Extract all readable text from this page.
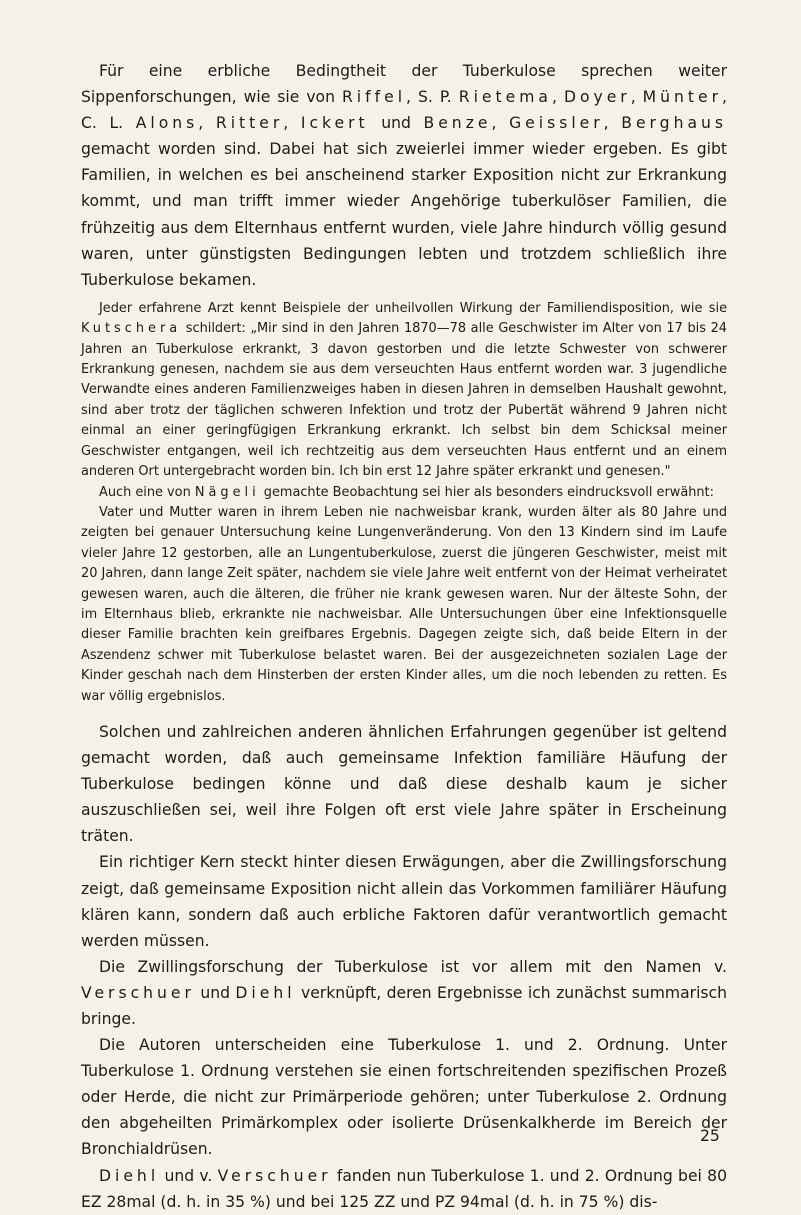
Für eine erbliche Bedingtheit der Tuberkulose sprechen weiter Sippenforschungen, wie sie von Riffel, S. P. Rietema, Doyer, Münter, C. L. Alons, Ritter, Ickert und Benze, Geissler, Berghaus gemacht worden sind. Dabei hat sich zweierlei immer wieder ergeben. Es gibt Familien, in welchen es bei anscheinend starker Exposition nicht zur Erkrankung kommt, und man trifft immer wieder Angehörige tuberkulöser Familien, die frühzeitig aus dem Elternhaus entfernt wurden, viele Jahre hindurch völlig gesund waren, unter günstigsten Bedingungen lebten und trotzdem schließlich ihre Tuberkulose bekamen.

Jeder erfahrene Arzt kennt Beispiele der unheilvollen Wirkung der Familiendisposition, wie sie Kutschera schildert: „Mir sind in den Jahren 1870—78 alle Geschwister im Alter von 17 bis 24 Jahren an Tuberkulose erkrankt, 3 davon gestorben und die letzte Schwester von schwerer Erkrankung genesen, nachdem sie aus dem verseuchten Haus entfernt worden war. 3 jugendliche Verwandte eines anderen Familienzweiges haben in diesen Jahren in demselben Haushalt gewohnt, sind aber trotz der täglichen schweren Infektion und trotz der Pubertät während 9 Jahren nicht einmal an einer geringfügigen Erkrankung erkrankt. Ich selbst bin dem Schicksal meiner Geschwister entgangen, weil ich rechtzeitig aus dem verseuchten Haus entfernt und an einem anderen Ort untergebracht worden bin. Ich bin erst 12 Jahre später erkrankt und genesen."

Auch eine von Nägeli gemachte Beobachtung sei hier als besonders eindrucksvoll erwähnt:

Vater und Mutter waren in ihrem Leben nie nachweisbar krank, wurden älter als 80 Jahre und zeigten bei genauer Untersuchung keine Lungenveränderung. Von den 13 Kindern sind im Laufe vieler Jahre 12 gestorben, alle an Lungentuberkulose, zuerst die jüngeren Geschwister, meist mit 20 Jahren, dann lange Zeit später, nachdem sie viele Jahre weit entfernt von der Heimat verheiratet gewesen waren, auch die älteren, die früher nie krank gewesen waren. Nur der älteste Sohn, der im Elternhaus blieb, erkrankte nie nachweisbar. Alle Untersuchungen über eine Infektionsquelle dieser Familie brachten kein greifbares Ergebnis. Dagegen zeigte sich, daß beide Eltern in der Aszendenz schwer mit Tuberkulose belastet waren. Bei der ausgezeichneten sozialen Lage der Kinder geschah nach dem Hinsterben der ersten Kinder alles, um die noch lebenden zu retten. Es war völlig ergebnislos.

Solchen und zahlreichen anderen ähnlichen Erfahrungen gegenüber ist geltend gemacht worden, daß auch gemeinsame Infektion familiäre Häufung der Tuberkulose bedingen könne und daß diese deshalb kaum je sicher auszuschließen sei, weil ihre Folgen oft erst viele Jahre später in Erscheinung träten.

Ein richtiger Kern steckt hinter diesen Erwägungen, aber die Zwillingsforschung zeigt, daß gemeinsame Exposition nicht allein das Vorkommen familiärer Häufung klären kann, sondern daß auch erbliche Faktoren dafür verantwortlich gemacht werden müssen.

Die Zwillingsforschung der Tuberkulose ist vor allem mit den Namen v. Verschuer und Diehl verknüpft, deren Ergebnisse ich zunächst summarisch bringe.

Die Autoren unterscheiden eine Tuberkulose 1. und 2. Ordnung. Unter Tuberkulose 1. Ordnung verstehen sie einen fortschreitenden spezifischen Prozeß oder Herde, die nicht zur Primärperiode gehören; unter Tuberkulose 2. Ordnung den abgeheilten Primärkomplex oder isolierte Drüsenkalkherde im Bereich der Bronchialdrüsen.

Diehl und v. Verschuer fanden nun Tuberkulose 1. und 2. Ordnung bei 80 EZ 28mal (d. h. in 35 %) und bei 125 ZZ und PZ 94mal (d. h. in 75 %) dis-

25
